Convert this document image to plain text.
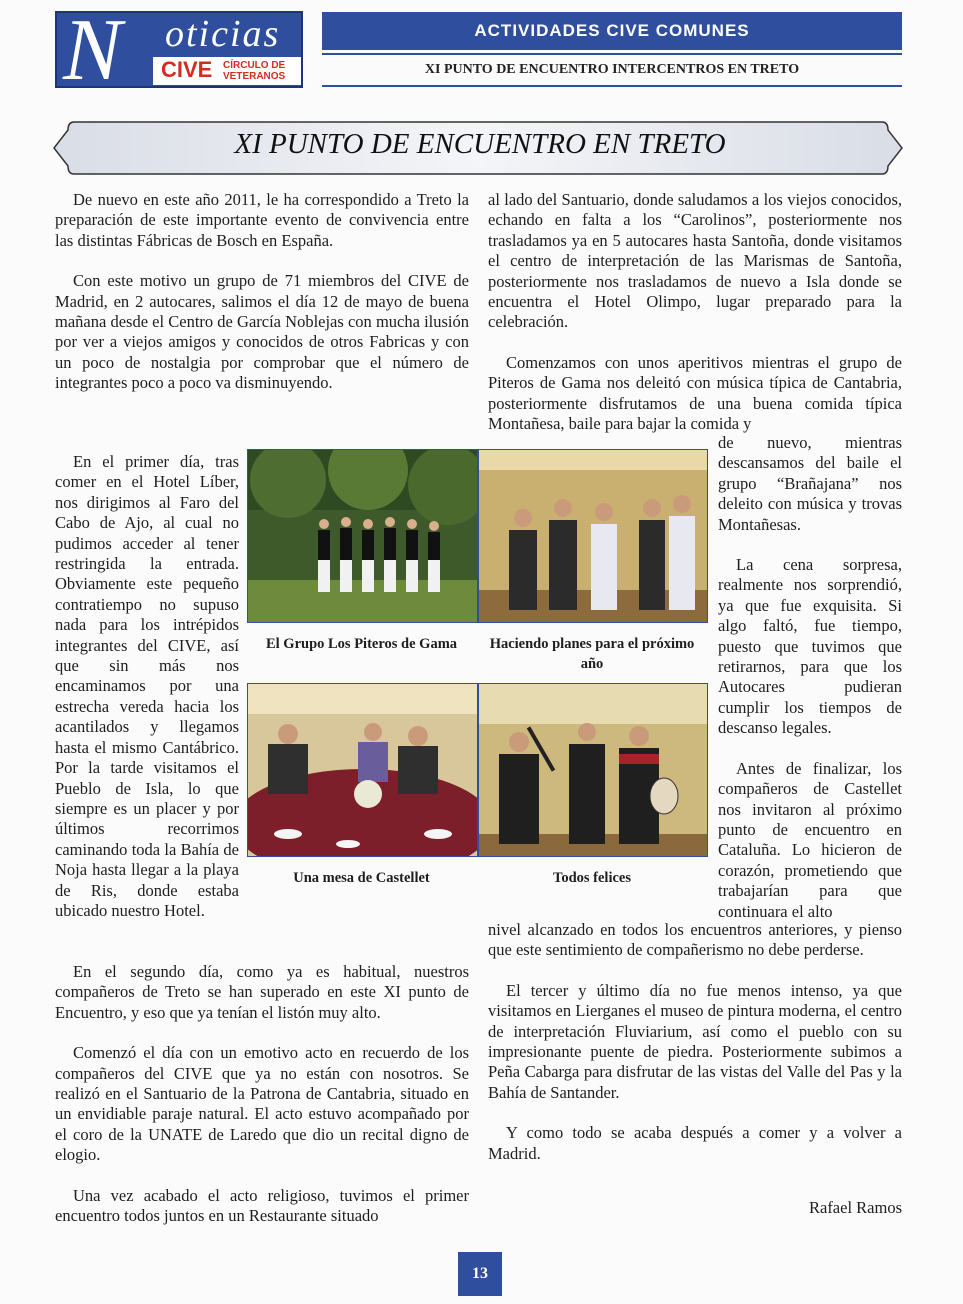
N oticias
CIVE CÍRCULO DE
VETERANOS
ACTIVIDADES CIVE COMUNES
XI PUNTO DE ENCUENTRO INTERCENTROS EN TRETO
XI PUNTO DE ENCUENTRO EN TRETO

De nuevo en este año 2011, le ha correspondido a Treto la preparación de este importante evento de convivencia entre las distintas Fábricas de Bosch en España.

Con este motivo un grupo de 71 miembros del CIVE de Madrid, en 2 autocares, salimos el día 12 de mayo de buena mañana desde el Centro de García Noblejas con mucha ilusión por ver a viejos amigos y conocidos de otros Fabricas y con un poco de nostalgia por comprobar que el número de integrantes poco a poco va disminuyendo.

En el primer día, tras comer en el Hotel Líber, nos dirigimos al Faro del Cabo de Ajo, al cual no pudimos acceder al tener restringida la entrada. Obviamente este pequeño contratiempo no supuso nada para los intrépidos integrantes del CIVE, así que sin más nos encaminamos por una estrecha vereda hacia los acantilados y llegamos hasta el mismo Cantábrico. Por la tarde visitamos el Pueblo de Isla, lo que siempre es un placer y por últimos recorrimos caminando toda la Bahía de Noja hasta llegar a la playa de Ris, donde estaba ubicado nuestro Hotel.

En el segundo día, como ya es habitual, nuestros compañeros de Treto se han superado en este XI punto de Encuentro, y eso que ya tenían el listón muy alto.

Comenzó el día con un emotivo acto en recuerdo de los compañeros del CIVE que ya no están con nosotros. Se realizó en el Santuario de la Patrona de Cantabria, situado en un envidiable paraje natural. El acto estuvo acompañado por el coro de la UNATE de Laredo que dio un recital digno de elogio.

Una vez acabado el acto religioso, tuvimos el primer encuentro todos juntos en un Restaurante situado

al lado del Santuario, donde saludamos a los viejos conocidos, echando en falta a los “Carolinos”, posteriormente nos trasladamos ya en 5 autocares hasta Santoña, donde visitamos el centro de interpretación de las Marismas de Santoña, posteriormente nos trasladamos de nuevo a Isla donde se encuentra el Hotel Olimpo, lugar preparado para la celebración.

Comenzamos con unos aperitivos mientras el grupo de Piteros de Gama nos deleitó con música típica de Cantabria, posteriormente disfrutamos de una buena comida típica Montañesa, baile para bajar la comida y

de nuevo, mientras descansamos del baile el grupo “Brañajana” nos deleito con música y trovas Montañesas.

La cena sorpresa, realmente nos sorprendió, ya que fue exquisita. Si algo faltó, fue tiempo, puesto que tuvimos que retirarnos, para que los Autocares pudieran cumplir los tiempos de descanso legales.

Antes de finalizar, los compañeros de Castellet nos invitaron al próximo punto de encuentro en Cataluña. Lo hicieron de corazón, prometiendo que trabajarían para que continuara el alto

nivel alcanzado en todos los encuentros anteriores, y pienso que este sentimiento de compañerismo no debe perderse.

El tercer y último día no fue menos intenso, ya que visitamos en Lierganes el museo de pintura moderna, el centro de interpretación Fluviarium, así como el pueblo con su impresionante puente de piedra. Posteriormente subimos a Peña Cabarga para disfrutar de las vistas del Valle del Pas y la Bahía de Santander.

Y como todo se acaba después a comer y a volver a Madrid.

Rafael Ramos
El Grupo Los Piteros de Gama	Haciendo planes para el próximo año
Una mesa de Castellet	Todos felices
13
